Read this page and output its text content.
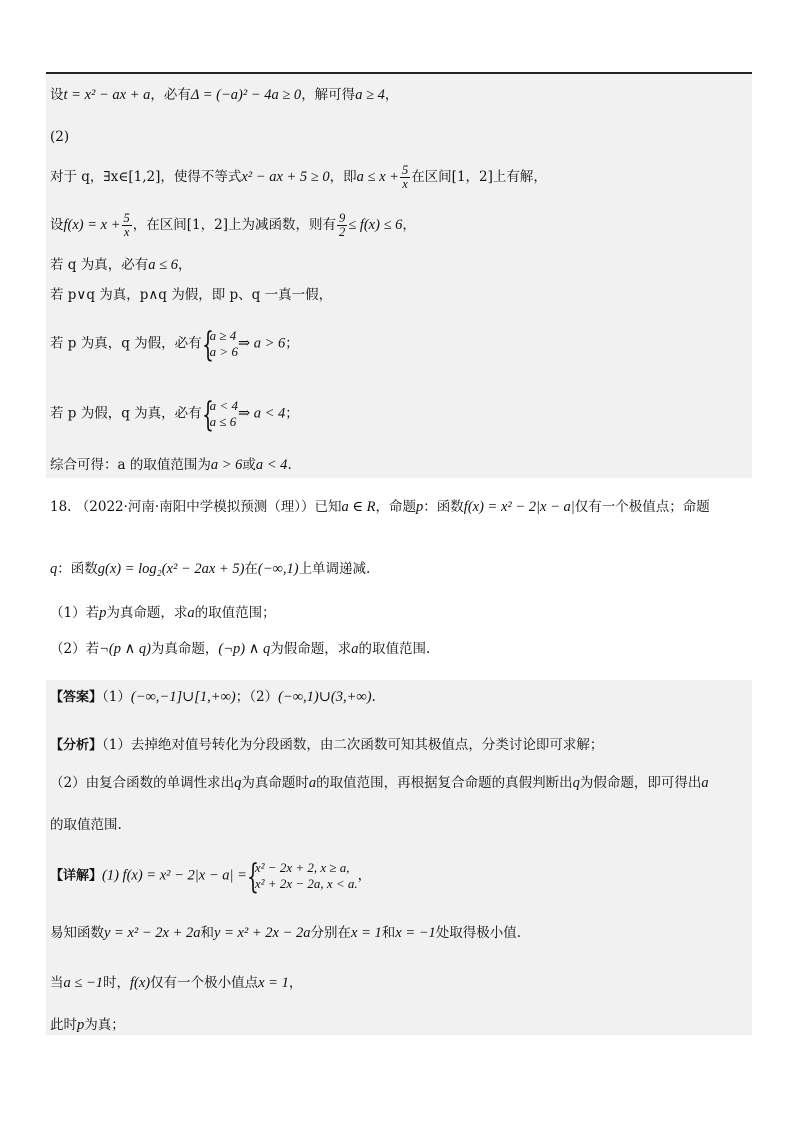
设t = x² − ax + a，必有Δ = (−a)² − 4a ≥ 0，解可得a ≥ 4，
(2)
对于 q，∃x∈[1,2]，使得不等式x² − ax + 5 ≥ 0，即$a \le x + \frac{5}{x}$ 在区间[1，2]上有解，
设$f(x) = x + \frac{5}{x}$ ，在区间[1，2]上为减函数，则有 $\frac{9}{2} \le f(x) \le 6$，
若 q 为真，必有a ≤ 6，
若 p∨q 为真，p∧q 为假，即 p、q 一真一假，
若 p 为真，q 为假，必有 {
a ≥ 4
a > 6 ⇒ a > 6；
若 p 为假，q 为真，必有 {
a < 4
a ≤ 6 ⇒ a < 4；
综合可得：a 的取值范围为a > 6或a < 4.
18. （2022·河南·南阳中学模拟预测（理））已知a ∈ R，命题p：函数f(x) = x² − 2|x − a|仅有一个极值点；命题
q：函数g(x) = log₂(x² − 2ax + 5)在(−∞,1)上单调递减.
（1）若p为真命题，求a的取值范围；
（2）若¬(p ∧ q)为真命题，(¬p) ∧ q为假命题，求a的取值范围.
【答案】（1）(−∞,−1]∪[1,+∞)；（2）(−∞,1)∪(3,+∞).
【分析】（1）去掉绝对值号转化为分段函数，由二次函数可知其极值点，分类讨论即可求解；
（2）由复合函数的单调性求出q为真命题时a的取值范围，再根据复合命题的真假判断出q为假命题，即可得出a
的取值范围.
【详解】(1) f(x) = x² − 2|x − a| = {
x² − 2x + 2, x ≥ a,
x² + 2x − 2a, x < a. ，
易知函数y = x² − 2x + 2a和y = x² + 2x − 2a分别在x = 1和x = −1处取得极小值.
当a ≤ −1时，f(x)仅有一个极小值点x = 1，
此时p为真；
